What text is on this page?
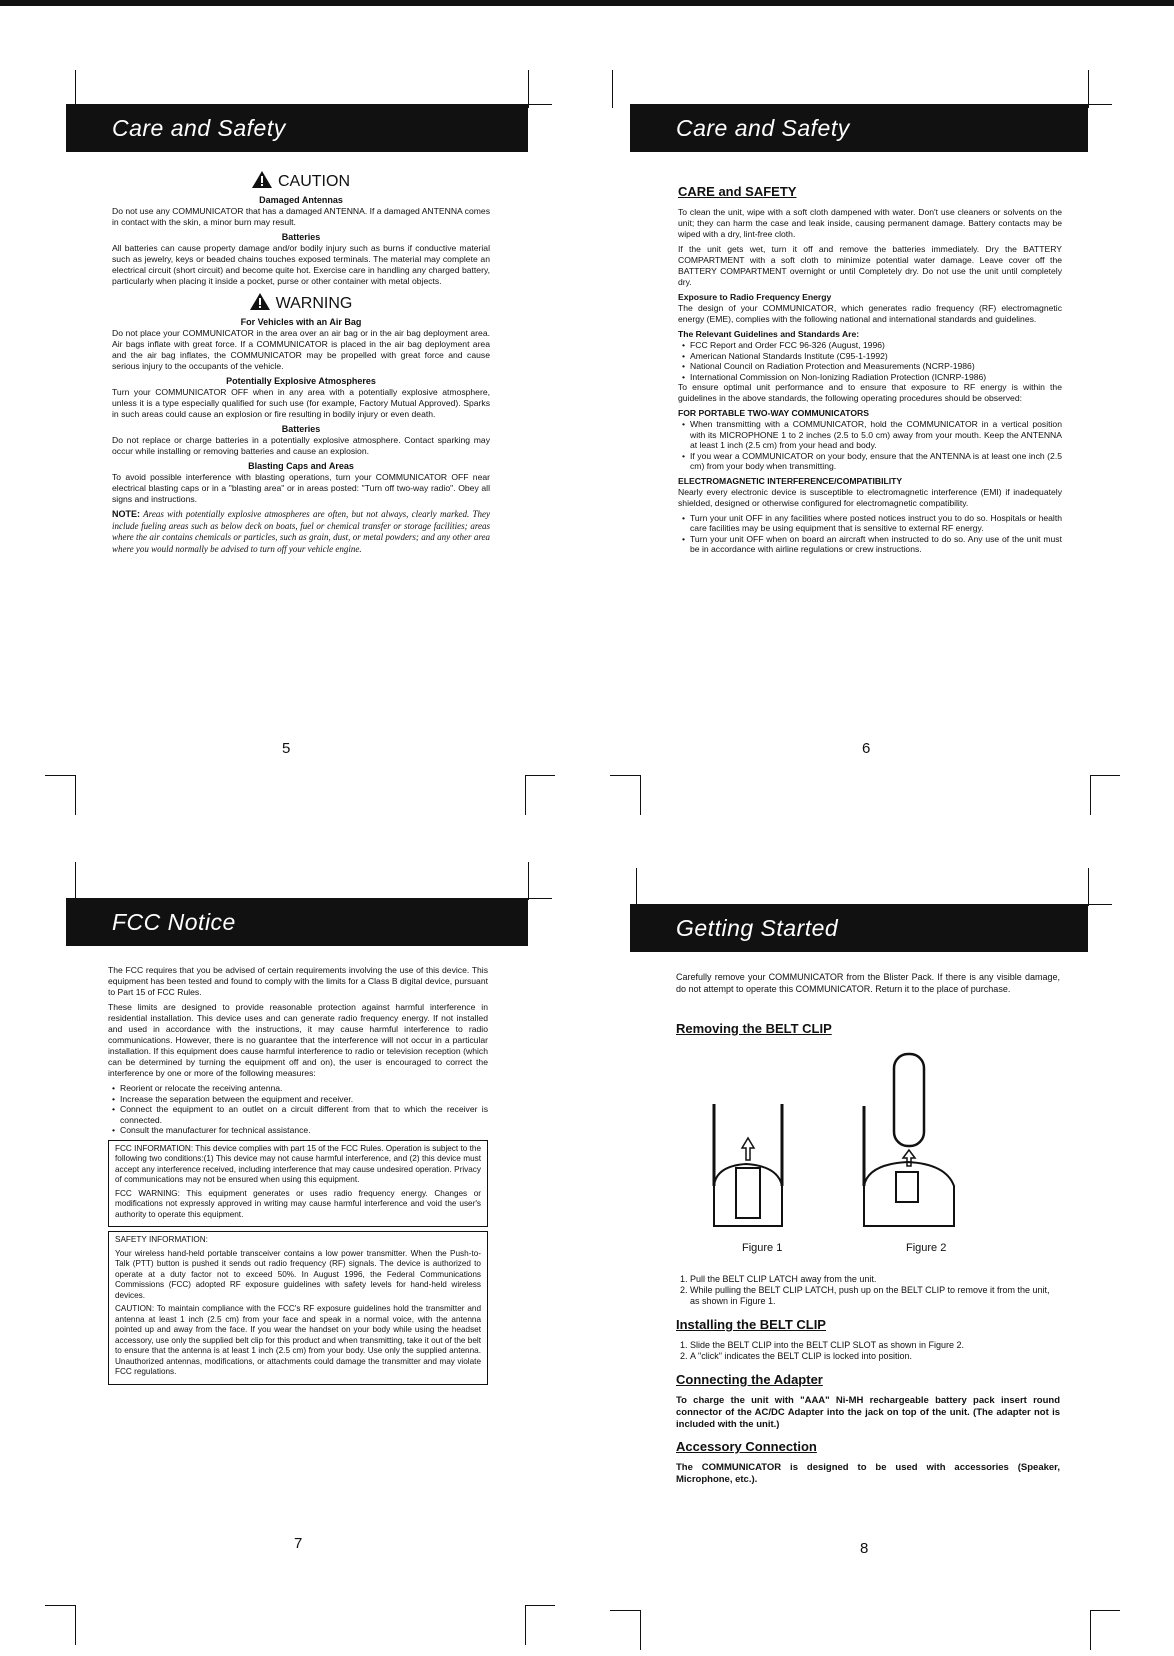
Care and Safety	Care and Safety
FCC Notice	Getting Started
CAUTION
Damaged Antennas

Do not use any COMMUNICATOR that has a damaged ANTENNA. If a damaged ANTENNA comes in contact with the skin, a minor burn may result.

Batteries

All batteries can cause property damage and/or bodily injury such as burns if conductive material such as jewelry, keys or beaded chains touches exposed terminals. The material may complete an electrical circuit (short circuit) and become quite hot. Exercise care in handling any charged battery, particularly when placing it inside a pocket, purse or other container with metal objects.

WARNING
For Vehicles with an Air Bag

Do not place your COMMUNICATOR in the area over an air bag or in the air bag deployment area. Air bags inflate with great force. If a COMMUNICATOR is placed in the air bag deployment area and the air bag inflates, the COMMUNICATOR may be propelled with great force and cause serious injury to the occupants of the vehicle.

Potentially Explosive Atmospheres

Turn your COMMUNICATOR OFF when in any area with a potentially explosive atmosphere, unless it is a type especially qualified for such use (for example, Factory Mutual Approved). Sparks in such areas could cause an explosion or fire resulting in bodily injury or even death.

Batteries

Do not replace or charge batteries in a potentially explosive atmosphere. Contact sparking may occur while installing or removing batteries and cause an explosion.

Blasting Caps and Areas

To avoid possible interference with blasting operations, turn your COMMUNICATOR OFF near electrical blasting caps or in a "blasting area" or in areas posted: "Turn off two-way radio". Obey all signs and instructions.

NOTE: Areas with potentially explosive atmospheres are often, but not always, clearly marked. They include fueling areas such as below deck on boats, fuel or chemical transfer or storage facilities; areas where the air contains chemicals or particles, such as grain, dust, or metal powders; and any other area where you would normally be advised to turn off your vehicle engine.

5
CARE and SAFETY

To clean the unit, wipe with a soft cloth dampened with water. Don't use cleaners or solvents on the unit; they can harm the case and leak inside, causing permanent damage. Battery contacts may be wiped with a dry, lint-free cloth.

If the unit gets wet, turn it off and remove the batteries immediately. Dry the BATTERY COMPARTMENT with a soft cloth to minimize potential water damage. Leave cover off the BATTERY COMPARTMENT overnight or until Completely dry. Do not use the unit until completely dry.

Exposure to Radio Frequency Energy

The design of your COMMUNICATOR, which generates radio frequency (RF) electromagnetic energy (EME), complies with the following national and international standards and guidelines.

The Relevant Guidelines and Standards Are:
• FCC Report and Order FCC 96-326 (August, 1996)
• American National Standards Institute (C95-1-1992)
• National Council on Radiation Protection and Measurements (NCRP-1986)
• International Commission on Non-Ionizing Radiation Protection (ICNRP-1986)

To ensure optimal unit performance and to ensure that exposure to RF energy is within the guidelines in the above standards, the following operating procedures should be observed:

FOR PORTABLE TWO-WAY COMMUNICATORS
• When transmitting with a COMMUNICATOR, hold the COMMUNICATOR in a vertical position with its MICROPHONE 1 to 2 inches (2.5 to 5.0 cm) away from your mouth. Keep the ANTENNA at least 1 inch (2.5 cm) from your head and body.
• If you wear a COMMUNICATOR on your body, ensure that the ANTENNA is at least one inch (2.5 cm) from your body when transmitting.
ELECTROMAGNETIC INTERFERENCE/COMPATIBILITY

Nearly every electronic device is susceptible to electromagnetic interference (EMI) if inadequately shielded, designed or otherwise configured for electromagnetic compatibility.

• Turn your unit OFF in any facilities where posted notices instruct you to do so. Hospitals or health care facilities may be using equipment that is sensitive to external RF energy.
• Turn your unit OFF when on board an aircraft when instructed to do so. Any use of the unit must be in accordance with airline regulations or crew instructions.
6

The FCC requires that you be advised of certain requirements involving the use of this device. This equipment has been tested and found to comply with the limits for a Class B digital device, pursuant to Part 15 of FCC Rules.

These limits are designed to provide reasonable protection against harmful interference in residential installation. This device uses and can generate radio frequency energy. If not installed and used in accordance with the instructions, it may cause harmful interference to radio communications. However, there is no guarantee that the interference will not occur in a particular installation. If this equipment does cause harmful interference to radio or television reception (which can be determined by turning the equipment off and on), the user is encouraged to correct the interference by one or more of the following measures:

• Reorient or relocate the receiving antenna.
• Increase the separation between the equipment and receiver.
• Connect the equipment to an outlet on a circuit different from that to which the receiver is connected.
• Consult the manufacturer for technical assistance.

FCC INFORMATION: This device complies with part 15 of the FCC Rules. Operation is subject to the following two conditions:(1) This device may not cause harmful interference, and (2) this device must accept any interference received, including interference that may cause undesired operation. Privacy of communications may not be ensured when using this equipment.

FCC WARNING: This equipment generates or uses radio frequency energy. Changes or modifications not expressly approved in writing may cause harmful interference and void the user's authority to operate this equipment.

SAFETY INFORMATION:

Your wireless hand-held portable transceiver contains a low power transmitter. When the Push-to-Talk (PTT) button is pushed it sends out radio frequency (RF) signals. The device is authorized to operate at a duty factor not to exceed 50%. In August 1996, the Federal Communications Commissions (FCC) adopted RF exposure guidelines with safety levels for hand-held wireless devices.

CAUTION: To maintain compliance with the FCC's RF exposure guidelines hold the transmitter and antenna at least 1 inch (2.5 cm) from your face and speak in a normal voice, with the antenna pointed up and away from the face. If you wear the handset on your body while using the headset accessory, use only the supplied belt clip for this product and when transmitting, take it out of the belt to ensure that the antenna is at least 1 inch (2.5 cm) from your body. Use only the supplied antenna. Unauthorized antennas, modifications, or attachments could damage the transmitter and may violate FCC regulations.

7

Carefully remove your COMMUNICATOR from the Blister Pack. If there is any visible damage, do not attempt to operate this COMMUNICATOR. Return it to the place of purchase.

Removing the BELT CLIP
Figure 1	Figure 2
1. Pull the BELT CLIP LATCH away from the unit.
2. While pulling the BELT CLIP LATCH, push up on the BELT CLIP to remove it from the unit, as shown in Figure 1.
Installing the BELT CLIP
1. Slide the BELT CLIP into the BELT CLIP SLOT as shown in Figure 2.
2. A "click" indicates the BELT CLIP is locked into position.
Connecting the Adapter

To charge the unit with "AAA" Ni-MH rechargeable battery pack insert round connector of the AC/DC Adapter into the jack on top of the unit. (The adapter not is included with the unit.)

Accessory Connection

The COMMUNICATOR is designed to be used with accessories (Speaker, Microphone, etc.).

8
